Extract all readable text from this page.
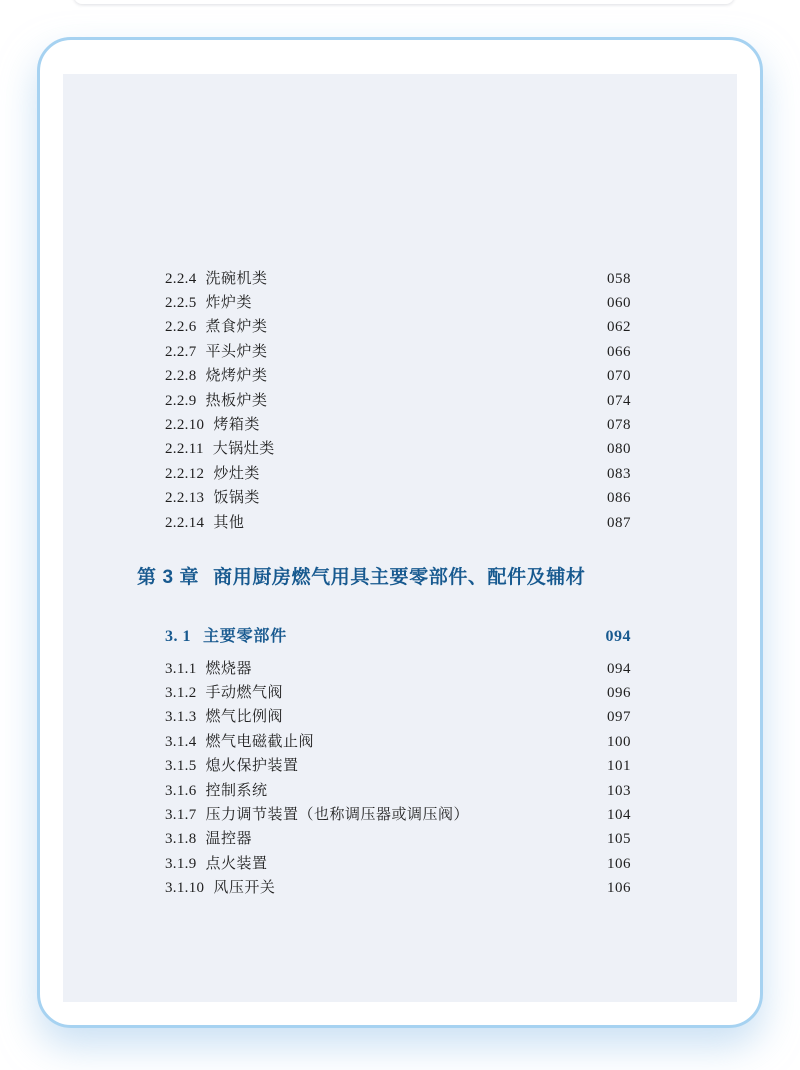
2.2.4 洗碗机类	058
2.2.5 炸炉类	060
2.2.6 煮食炉类	062
2.2.7 平头炉类	066
2.2.8 烧烤炉类	070
2.2.9 热板炉类	074
2.2.10 烤箱类	078
2.2.11 大锅灶类	080
2.2.12 炒灶类	083
2.2.13 饭锅类	086
2.2.14 其他	087
第 3 章 商用厨房燃气用具主要零部件、配件及辅材
3. 1 主要零部件	094
3.1.1 燃烧器	094
3.1.2 手动燃气阀	096
3.1.3 燃气比例阀	097
3.1.4 燃气电磁截止阀	100
3.1.5 熄火保护装置	101
3.1.6 控制系统	103
3.1.7 压力调节装置（也称调压器或调压阀）	104
3.1.8 温控器	105
3.1.9 点火装置	106
3.1.10 风压开关	106
